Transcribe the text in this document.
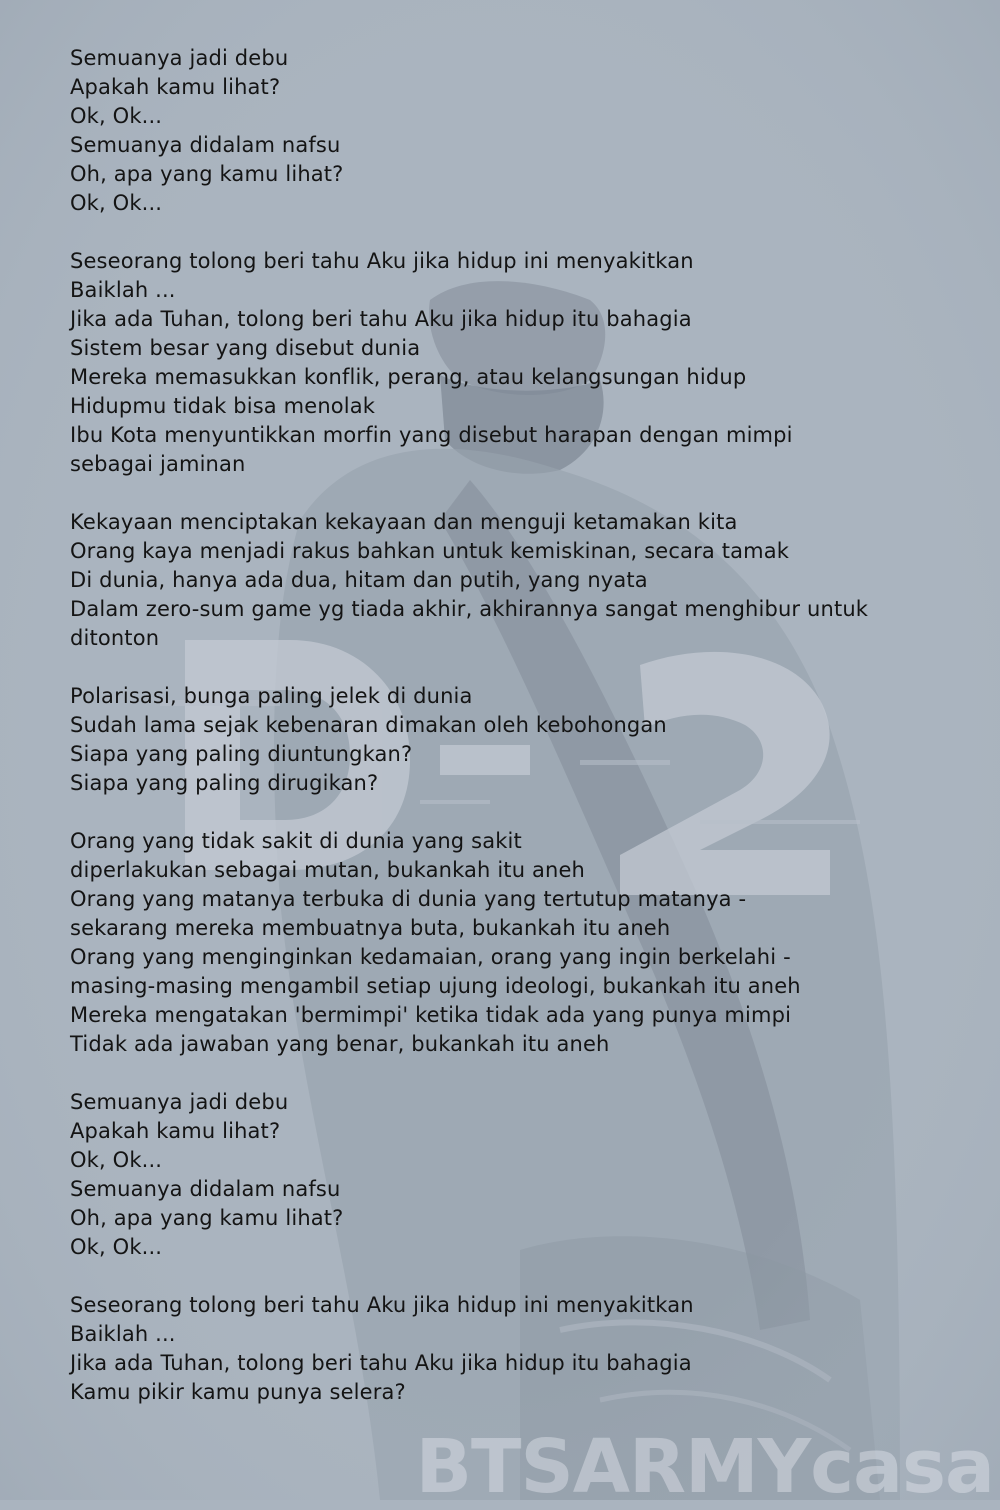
Semuanya jadi debu
Apakah kamu lihat?
Ok, Ok...
Semuanya didalam nafsu
Oh, apa yang kamu lihat?
Ok, Ok...
Seseorang tolong beri tahu Aku jika hidup ini menyakitkan
Baiklah ...
Jika ada Tuhan, tolong beri tahu Aku jika hidup itu bahagia
Sistem besar yang disebut dunia
Mereka memasukkan konflik, perang, atau kelangsungan hidup
Hidupmu tidak bisa menolak
Ibu Kota menyuntikkan morfin yang disebut harapan dengan mimpi
sebagai jaminan
Kekayaan menciptakan kekayaan dan menguji ketamakan kita
Orang kaya menjadi rakus bahkan untuk kemiskinan, secara tamak
Di dunia, hanya ada dua, hitam dan putih, yang nyata
Dalam zero-sum game yg tiada akhir, akhirannya sangat menghibur untuk
ditonton
Polarisasi, bunga paling jelek di dunia
Sudah lama sejak kebenaran dimakan oleh kebohongan
Siapa yang paling diuntungkan?
Siapa yang paling dirugikan?
Orang yang tidak sakit di dunia yang sakit
diperlakukan sebagai mutan, bukankah itu aneh
Orang yang matanya terbuka di dunia yang tertutup matanya -
sekarang mereka membuatnya buta, bukankah itu aneh
Orang yang menginginkan kedamaian, orang yang ingin berkelahi -
masing-masing mengambil setiap ujung ideologi, bukankah itu aneh
Mereka mengatakan 'bermimpi' ketika tidak ada yang punya mimpi
Tidak ada jawaban yang benar, bukankah itu aneh
Semuanya jadi debu
Apakah kamu lihat?
Ok, Ok...
Semuanya didalam nafsu
Oh, apa yang kamu lihat?
Ok, Ok...
Seseorang tolong beri tahu Aku jika hidup ini menyakitkan
Baiklah ...
Jika ada Tuhan, tolong beri tahu Aku jika hidup itu bahagia
Kamu pikir kamu punya selera?
BTSARMYcasa
